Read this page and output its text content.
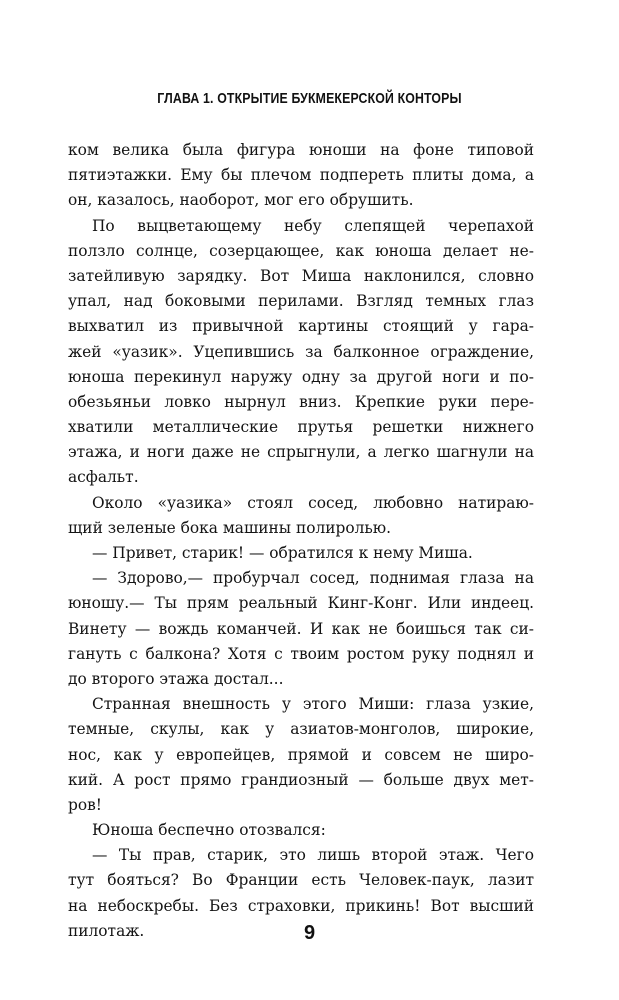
ГЛАВА 1. ОТКРЫТИЕ БУКМЕКЕРСКОЙ КОНТОРЫ
ком велика была фигура юноши на фоне типовой
пятиэтажки. Ему бы плечом подпереть плиты дома, а
он, казалось, наоборот, мог его обрушить.
По выцветающему небу слепящей черепахой
ползло солнце, созерцающее, как юноша делает не-
затейливую зарядку. Вот Миша наклонился, словно
упал, над боковыми перилами. Взгляд темных глаз
выхватил из привычной картины стоящий у гара-
жей «уазик». Уцепившись за балконное ограждение,
юноша перекинул наружу одну за другой ноги и по-
обезьяньи ловко нырнул вниз. Крепкие руки пере-
хватили металлические прутья решетки нижнего
этажа, и ноги даже не спрыгнули, а легко шагнули на
асфальт.
Около «уазика» стоял сосед, любовно натираю-
щий зеленые бока машины полиролью.
— Привет, старик! — обратился к нему Миша.
— Здорово,— пробурчал сосед, поднимая глаза на
юношу.— Ты прям реальный Кинг-Конг. Или индеец.
Винету — вождь команчей. И как не боишься так си-
гануть с балкона? Хотя с твоим ростом руку поднял и
до второго этажа достал...
Странная внешность у этого Миши: глаза узкие,
темные, скулы, как у азиатов-монголов, широкие,
нос, как у европейцев, прямой и совсем не широ-
кий. А рост прямо грандиозный — больше двух мет-
ров!
Юноша беспечно отозвался:
— Ты прав, старик, это лишь второй этаж. Чего
тут бояться? Во Франции есть Человек-паук, лазит
на небоскребы. Без страховки, прикинь! Вот высший
пилотаж.	9
